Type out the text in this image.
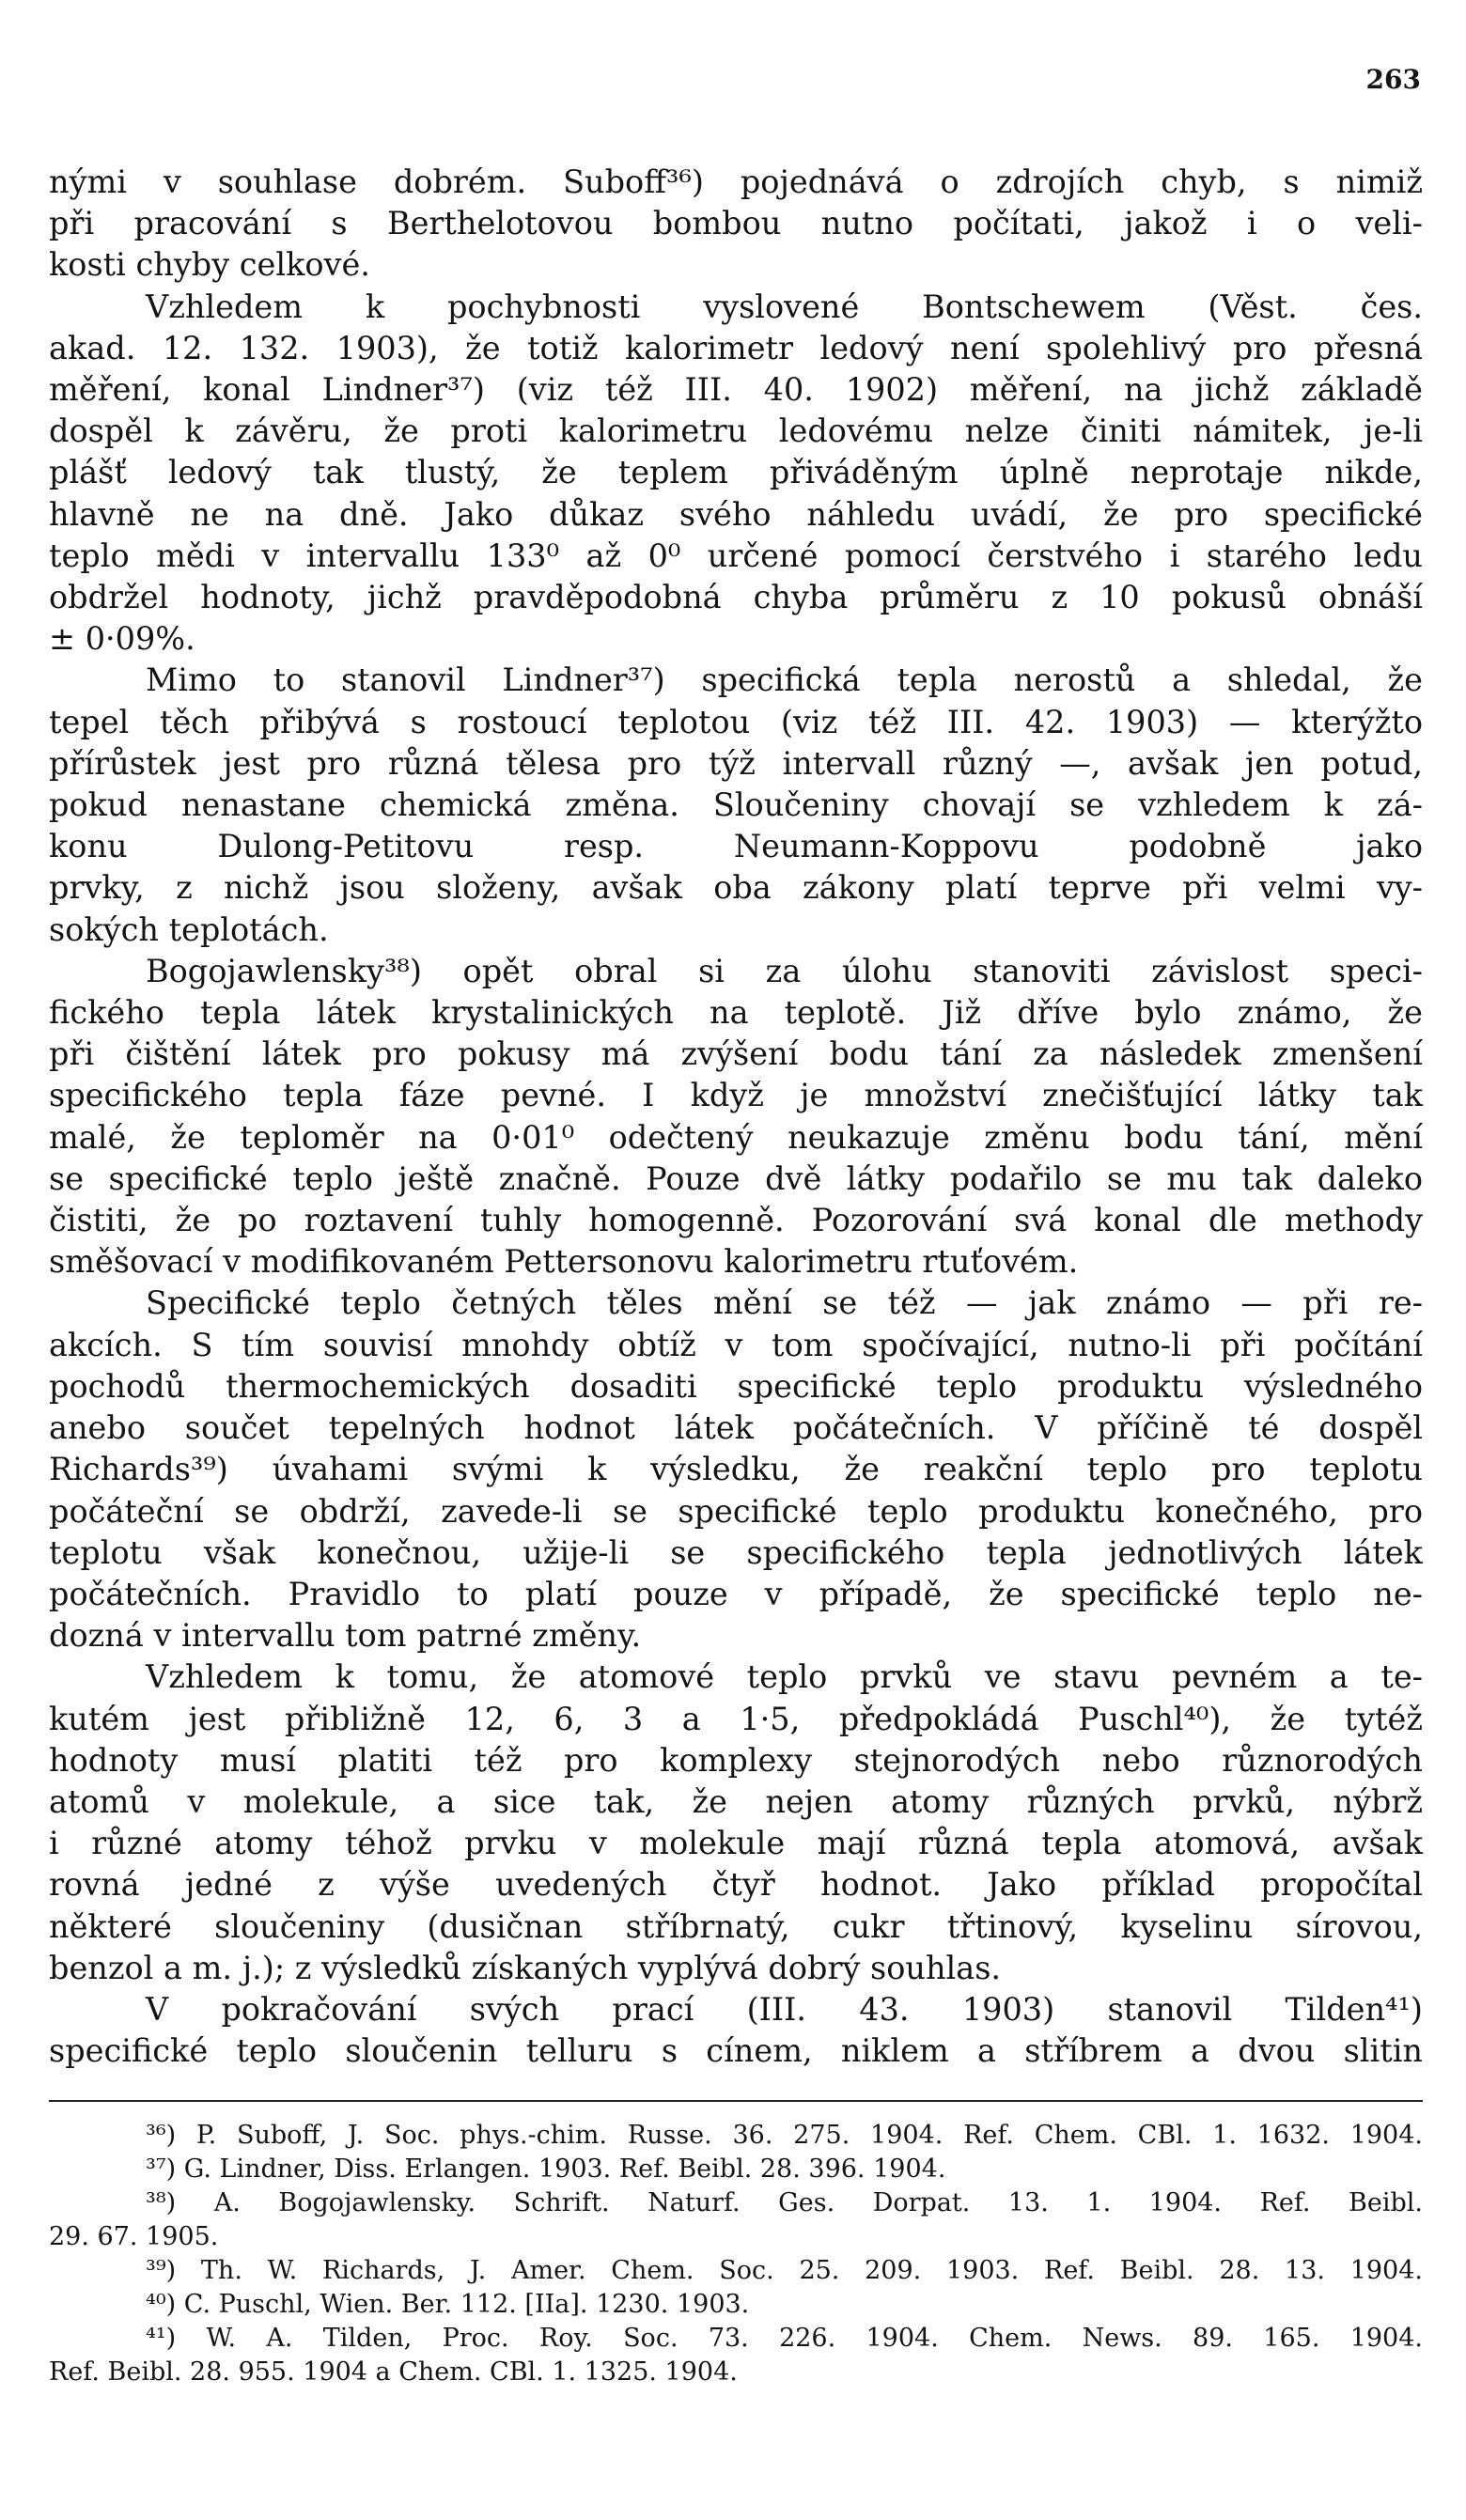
263
nými v souhlase dobrém. Suboff³⁶) pojednává o zdrojích chyb, s nimiž
při pracování s Berthelotovou bombou nutno počítati, jakož i o veli-
kosti chyby celkové.
Vzhledem k pochybnosti vyslovené Bontschewem (Věst. čes.
akad. 12. 132. 1903), že totiž kalorimetr ledový není spolehlivý pro přesná
měření, konal Lindner³⁷) (viz též III. 40. 1902) měření, na jichž základě
dospěl k závěru, že proti kalorimetru ledovému nelze činiti námitek, je-li
plášť ledový tak tlustý, že teplem přiváděným úplně neprotaje nikde,
hlavně ne na dně. Jako důkaz svého náhledu uvádí, že pro specifické
teplo mědi v intervallu 133⁰ až 0⁰ určené pomocí čerstvého i starého ledu
obdržel hodnoty, jichž pravděpodobná chyba průměru z 10 pokusů obnáší
± 0·09%.
Mimo to stanovil Lindner³⁷) specifická tepla nerostů a shledal, že
tepel těch přibývá s rostoucí teplotou (viz též III. 42. 1903) — kterýžto
přírůstek jest pro různá tělesa pro týž intervall různý —, avšak jen potud,
pokud nenastane chemická změna. Sloučeniny chovají se vzhledem k zá-
konu Dulong-Petitovu resp. Neumann-Koppovu podobně jako
prvky, z nichž jsou složeny, avšak oba zákony platí teprve při velmi vy-
sokých teplotách.
Bogojawlensky³⁸) opět obral si za úlohu stanoviti závislost speci-
fického tepla látek krystalinických na teplotě. Již dříve bylo známo, že
při čištění látek pro pokusy má zvýšení bodu tání za následek zmenšení
specifického tepla fáze pevné. I když je množství znečišťující látky tak
malé, že teploměr na 0·01⁰ odečtený neukazuje změnu bodu tání, mění
se specifické teplo ještě značně. Pouze dvě látky podařilo se mu tak daleko
čistiti, že po roztavení tuhly homogenně. Pozorování svá konal dle methody
směšovací v modifikovaném Pettersonovu kalorimetru rtuťovém.
Specifické teplo četných těles mění se též — jak známo — při re-
akcích. S tím souvisí mnohdy obtíž v tom spočívající, nutno-li při počítání
pochodů thermochemických dosaditi specifické teplo produktu výsledného
anebo součet tepelných hodnot látek počátečních. V příčině té dospěl
Richards³⁹) úvahami svými k výsledku, že reakční teplo pro teplotu
počáteční se obdrží, zavede-li se specifické teplo produktu konečného, pro
teplotu však konečnou, užije-li se specifického tepla jednotlivých látek
počátečních. Pravidlo to platí pouze v případě, že specifické teplo ne-
dozná v intervallu tom patrné změny.
Vzhledem k tomu, že atomové teplo prvků ve stavu pevném a te-
kutém jest přibližně 12, 6, 3 a 1·5, předpokládá Puschl⁴⁰), že tytéž
hodnoty musí platiti též pro komplexy stejnorodých nebo různorodých
atomů v molekule, a sice tak, že nejen atomy různých prvků, nýbrž
i různé atomy téhož prvku v molekule mají různá tepla atomová, avšak
rovná jedné z výše uvedených čtyř hodnot. Jako příklad propočítal
některé sloučeniny (dusičnan stříbrnatý, cukr třtinový, kyselinu sírovou,
benzol a m. j.); z výsledků získaných vyplývá dobrý souhlas.
V pokračování svých prací (III. 43. 1903) stanovil Tilden⁴¹)
specifické teplo sloučenin telluru s cínem, niklem a stříbrem a dvou slitin
³⁶) P. Suboff, J. Soc. phys.-chim. Russe. 36. 275. 1904. Ref. Chem. CBl. 1. 1632. 1904.
³⁷) G. Lindner, Diss. Erlangen. 1903. Ref. Beibl. 28. 396. 1904.
³⁸) A. Bogojawlensky. Schrift. Naturf. Ges. Dorpat. 13. 1. 1904. Ref. Beibl.
29. 67. 1905.
³⁹) Th. W. Richards, J. Amer. Chem. Soc. 25. 209. 1903. Ref. Beibl. 28. 13. 1904.
⁴⁰) C. Puschl, Wien. Ber. 112. [IIa]. 1230. 1903.
⁴¹) W. A. Tilden, Proc. Roy. Soc. 73. 226. 1904. Chem. News. 89. 165. 1904.
Ref. Beibl. 28. 955. 1904 a Chem. CBl. 1. 1325. 1904.
